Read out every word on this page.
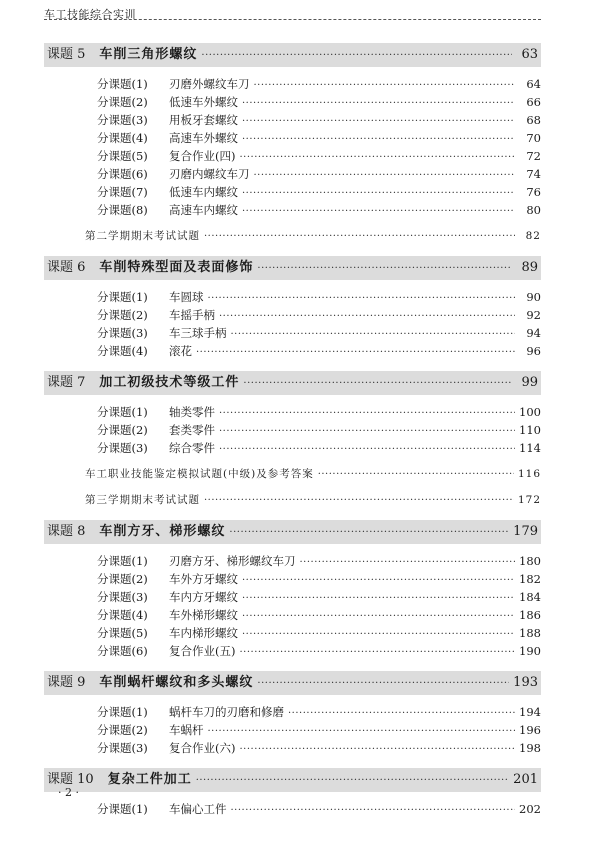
车工技能综合实训
课题 5 车削三角形螺纹 ·····	63
分课题(1)	刃磨外螺纹车刀 ·····	64
分课题(2)	低速车外螺纹 ·····	66
分课题(3)	用板牙套螺纹 ·····	68
分课题(4)	高速车外螺纹 ·····	70
分课题(5)	复合作业(四) ·····	72
分课题(6)	刃磨内螺纹车刀 ·····	74
分课题(7)	低速车内螺纹 ·····	76
分课题(8)	高速车内螺纹 ·····	80
第二学期期末考试试题 ·····	82
课题 6 车削特殊型面及表面修饰 ·····	89
分课题(1)	车圆球 ·····	90
分课题(2)	车摇手柄 ·····	92
分课题(3)	车三球手柄 ·····	94
分课题(4)	滚花 ·····	96
课题 7 加工初级技术等级工件 ·····	99
分课题(1)	轴类零件 ·····	100
分课题(2)	套类零件 ·····	110
分课题(3)	综合零件 ·····	114
车工职业技能鉴定模拟试题(中级)及参考答案 ·····	116
第三学期期末考试试题 ·····	172
课题 8 车削方牙、梯形螺纹 ·····	179
分课题(1)	刃磨方牙、梯形螺纹车刀 ·····	180
分课题(2)	车外方牙螺纹 ·····	182
分课题(3)	车内方牙螺纹 ·····	184
分课题(4)	车外梯形螺纹 ·····	186
分课题(5)	车内梯形螺纹 ·····	188
分课题(6)	复合作业(五) ·····	190
课题 9 车削蜗杆螺纹和多头螺纹 ·····	193
分课题(1)	蜗杆车刀的刃磨和修磨 ·····	194
分课题(2)	车蜗杆 ·····	196
分课题(3)	复合作业(六) ·····	198
课题 10 复杂工件加工 ·····	201
分课题(1)	车偏心工件 ·····	202
· 2 ·
